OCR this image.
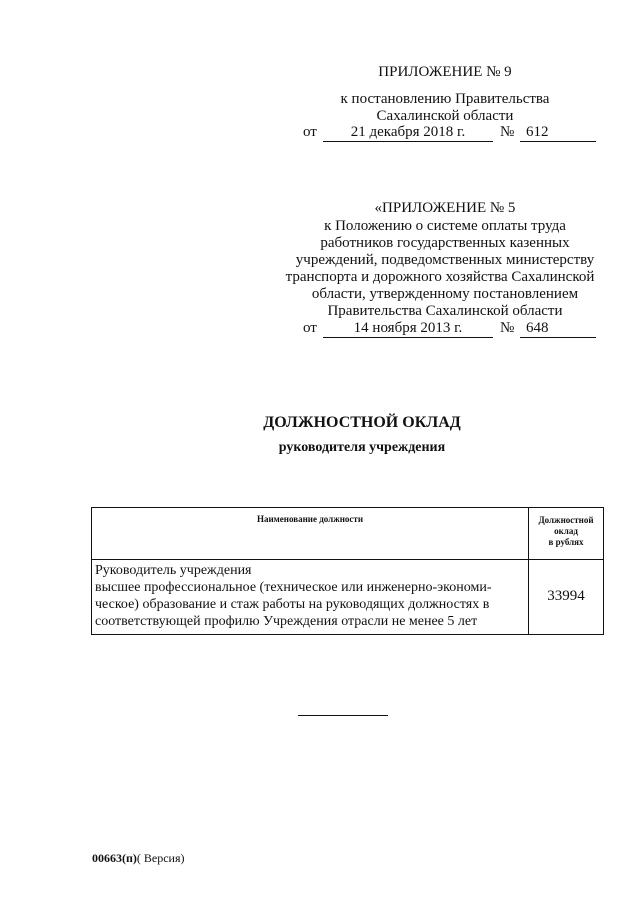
ПРИЛОЖЕНИЕ № 9
к постановлению Правительства
Сахалинской области
от	21 декабря 2018 г.	№ 612
«ПРИЛОЖЕНИЕ № 5
к Положению о системе оплаты труда
работников государственных казенных
учреждений, подведомственных министерству
транспорта и дорожного хозяйства Сахалинской
области, утвержденному постановлением
Правительства Сахалинской области
от	14 ноября 2013 г.	№ 648
ДОЛЖНОСТНОЙ ОКЛАД
руководителя учреждения
Наименование должности	Должностной
оклад
в рублях

Руководитель учреждения
высшее профессиональное (техническое или инженерно-экономи-
ческое) образование и стаж работы на руководящих должностях в
соответствующей профилю Учреждения отрасли не менее 5 лет	33994
00663(п)( Версия)
